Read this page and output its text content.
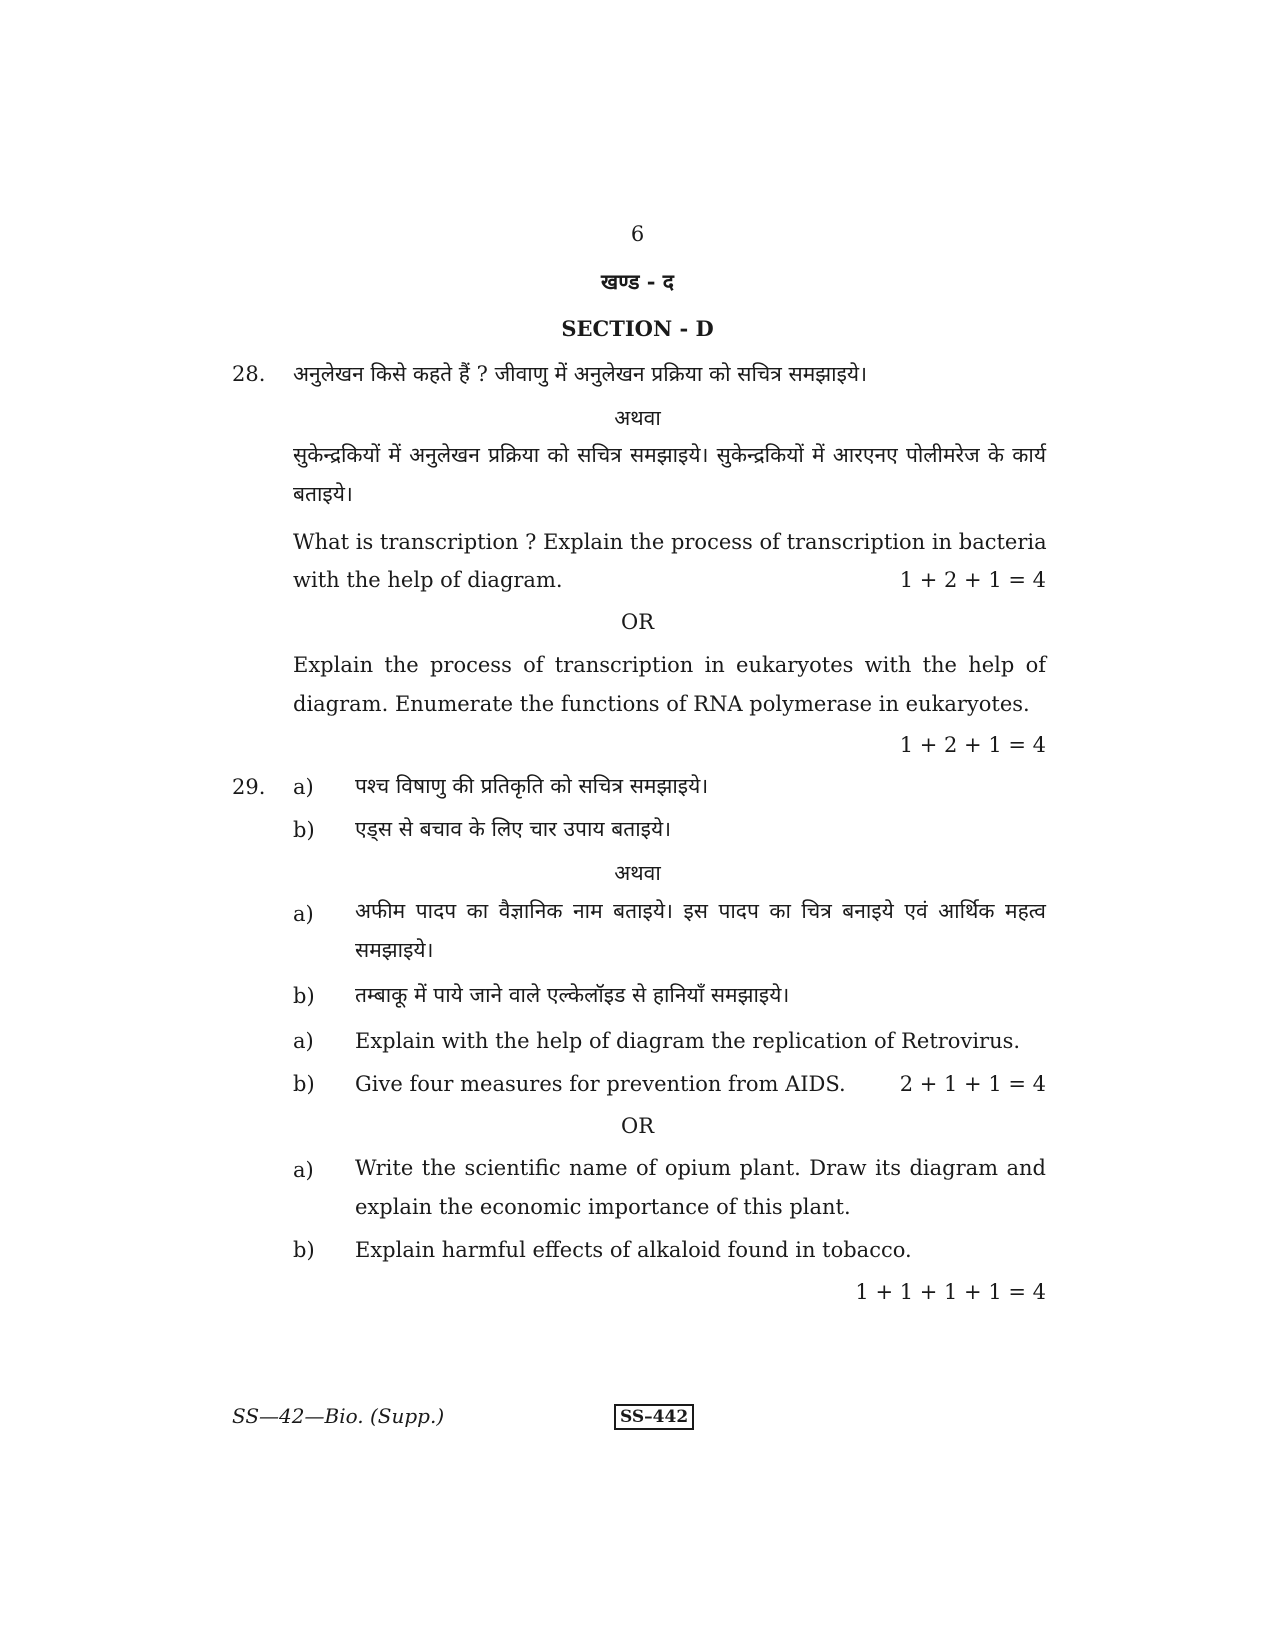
6
खण्ड - द
SECTION - D
28. अनुलेखन किसे कहते हैं ? जीवाणु में अनुलेखन प्रक्रिया को सचित्र समझाइये।
अथवा
सुकेन्द्रकियों में अनुलेखन प्रक्रिया को सचित्र समझाइये। सुकेन्द्रकियों में आरएनए पोलीमरेज के कार्य बताइये।
What is transcription ? Explain the process of transcription in bacteria
with the help of diagram.	1 + 2 + 1 = 4
OR
Explain the process of transcription in eukaryotes with the help of diagram. Enumerate the functions of RNA polymerase in eukaryotes.
1 + 2 + 1 = 4
29. a) पश्च विषाणु की प्रतिकृति को सचित्र समझाइये।
b) एड्स से बचाव के लिए चार उपाय बताइये।
अथवा
a) अफीम पादप का वैज्ञानिक नाम बताइये। इस पादप का चित्र बनाइये एवं आर्थिक महत्व समझाइये।
b) तम्बाकू में पाये जाने वाले एल्केलॉइड से हानियाँ समझाइये।
a) Explain with the help of diagram the replication of Retrovirus.
b) Give four measures for prevention from AIDS.	2 + 1 + 1 = 4
OR
a) Write the scientific name of opium plant. Draw its diagram and explain the economic importance of this plant.
b) Explain harmful effects of alkaloid found in tobacco.
1 + 1 + 1 + 1 = 4
SS—42—Bio. (Supp.)	SS–442
